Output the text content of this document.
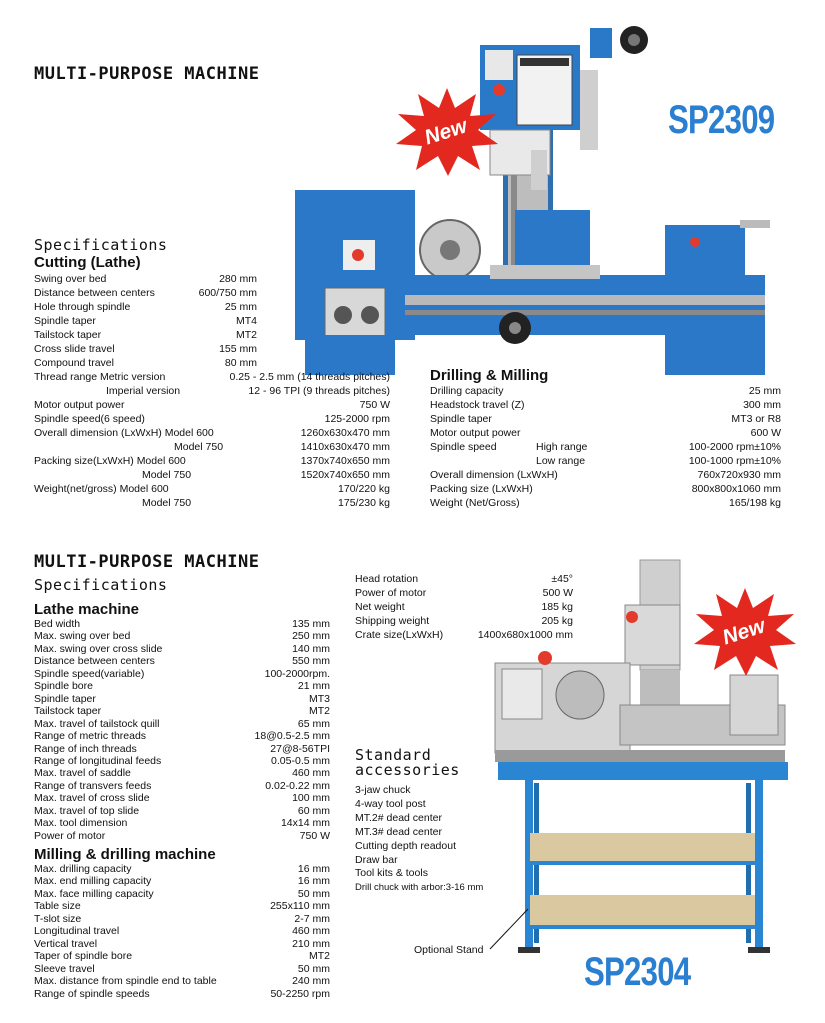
MULTI-PURPOSE MACHINE
New	SP2309
Specifications
Cutting (Lathe)
Swing over bed	280 mm
Distance between centers	600/750 mm
Hole through spindle	25 mm
Spindle taper	MT4
Tailstock taper	MT2
Cross slide travel	155 mm
Compound travel	80 mm
Thread range Metric version	0.25 - 2.5 mm (14 threads pitches)
Imperial version	12 - 96 TPI (9 threads pitches)
Motor output power	750 W
Spindle speed(6 speed)	125-2000 rpm
Overall dimension (LxWxH) Model 600	1260x630x470 mm
Model 750	1410x630x470 mm
Packing size(LxWxH) Model 600	1370x740x650 mm
Model 750	1520x740x650 mm
Weight(net/gross) Model 600	170/220 kg
Model 750	175/230 kg
Drilling & Milling
Drilling capacity	25 mm
Headstock travel (Z)	300 mm
Spindle taper	MT3 or R8
Motor output power	600 W
Spindle speed	High range	100-2000 rpm±10%
Low range	100-1000 rpm±10%
Overall dimension (LxWxH)	760x720x930 mm
Packing size (LxWxH)	800x800x1060 mm
Weight (Net/Gross)	165/198 kg
MULTI-PURPOSE MACHINE
Specifications	Head rotation	±45°
Power of motor	500 W
Net weight	185 kg
Shipping weight	205 kg
Crate size(LxWxH)	1400x680x1000 mm
Lathe machine
Bed width	135 mm
Max. swing over bed	250 mm
Max. swing over cross slide	140 mm
Distance between centers	550 mm
Spindle speed(variable)	100-2000rpm.
Spindle bore	21 mm
Spindle taper	MT3
Tailstock taper	MT2
Max. travel of tailstock quill	65 mm
Range of metric threads	18@0.5-2.5 mm
Range of inch threads	27@8-56TPI
Range of longitudinal feeds	0.05-0.5 mm
Max. travel of saddle	460 mm
Range of transvers feeds	0.02-0.22 mm
Max. travel of cross slide	100 mm
Max. travel of top slide	60 mm
Max. tool dimension	14x14 mm
Power of motor	750 W
Milling & drilling machine
Max. drilling capacity	16 mm
Max. end milling capacity	16 mm
Max. face milling capacity	50 mm
Table size	255x110 mm
T-slot size	2-7 mm
Longitudinal travel	460 mm
Vertical travel	210 mm
Taper of spindle bore	MT2
Sleeve travel	50 mm
Max. distance from spindle end to table	240 mm
Range of spindle speeds	50-2250 rpm
Standard
accessories
3-jaw chuck
4-way tool post
MT.2# dead center
MT.3# dead center
Cutting depth readout
Draw bar
Tool kits & tools
Drill chuck with arbor:3-16 mm
New
Optional Stand	SP2304
